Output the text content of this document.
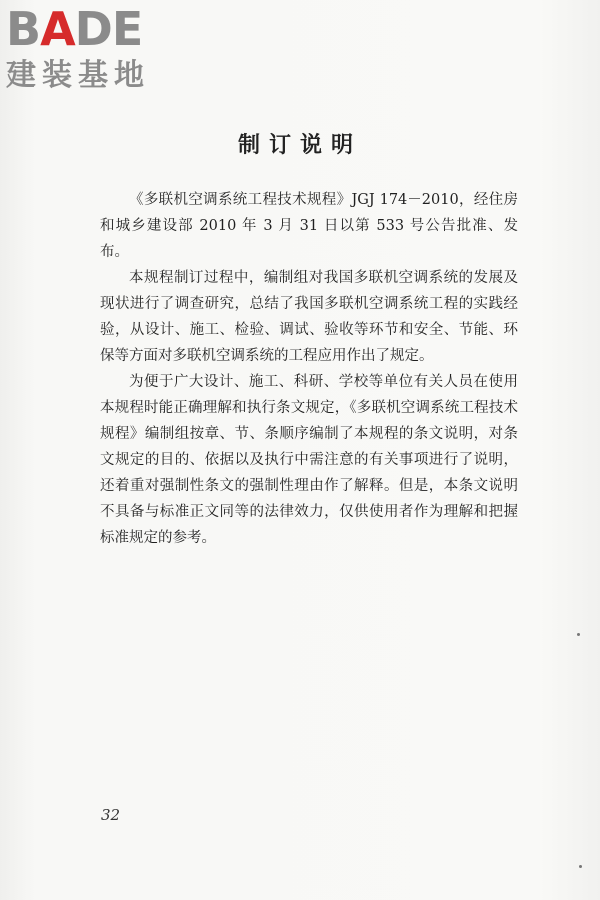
BADE
建装基地
制订说明

《多联机空调系统工程技术规程》JGJ 174－2010，经住房和城乡建设部 2010 年 3 月 31 日以第 533 号公告批准、发布。

本规程制订过程中，编制组对我国多联机空调系统的发展及现状进行了调查研究，总结了我国多联机空调系统工程的实践经验，从设计、施工、检验、调试、验收等环节和安全、节能、环保等方面对多联机空调系统的工程应用作出了规定。

为便于广大设计、施工、科研、学校等单位有关人员在使用本规程时能正确理解和执行条文规定，《多联机空调系统工程技术规程》编制组按章、节、条顺序编制了本规程的条文说明，对条文规定的目的、依据以及执行中需注意的有关事项进行了说明，还着重对强制性条文的强制性理由作了解释。但是，本条文说明不具备与标准正文同等的法律效力，仅供使用者作为理解和把握标准规定的参考。

32
